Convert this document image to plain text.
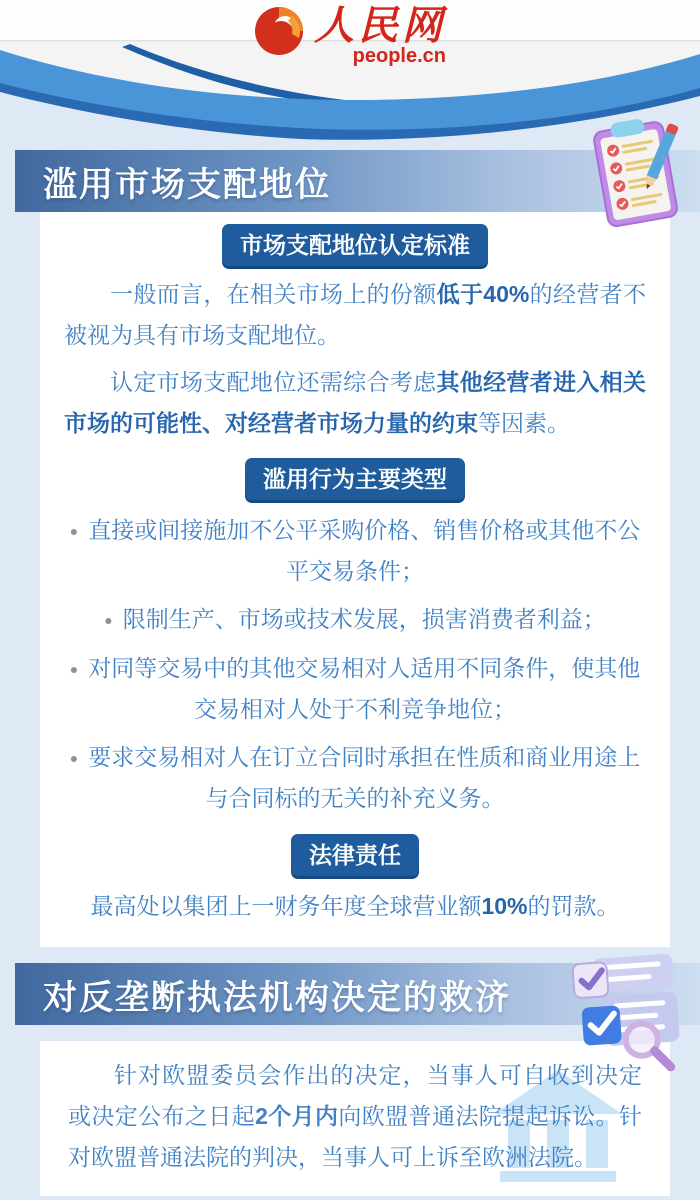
人民网
people.cn
滥用市场支配地位
市场支配地位认定标准

一般而言，在相关市场上的份额低于40%的经营者不被视为具有市场支配地位。

认定市场支配地位还需综合考虑其他经营者进入相关市场的可能性、对经营者市场力量的约束等因素。

滥用行为主要类型
● 直接或间接施加不公平采购价格、销售价格或其他不公平交易条件；
● 限制生产、市场或技术发展，损害消费者利益；
● 对同等交易中的其他交易相对人适用不同条件，使其他交易相对人处于不利竞争地位；
● 要求交易相对人在订立合同时承担在性质和商业用途上与合同标的无关的补充义务。
法律责任
最高处以集团上一财务年度全球营业额10%的罚款。
对反垄断执法机构决定的救济

针对欧盟委员会作出的决定，当事人可自收到决定或决定公布之日起2个月内向欧盟普通法院提起诉讼。针对欧盟普通法院的判决，当事人可上诉至欧洲法院。
